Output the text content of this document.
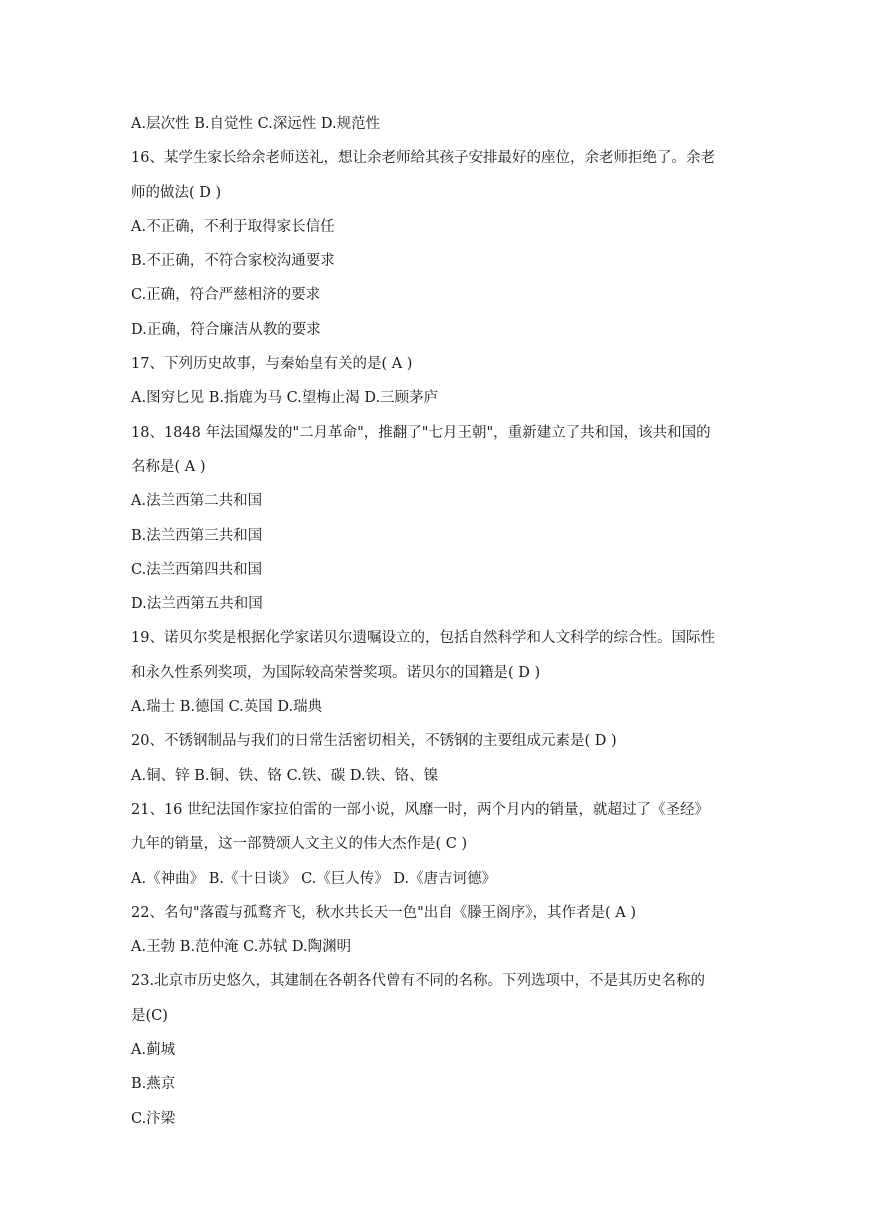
A.层次性 B.自觉性 C.深远性 D.规范性

16、某学生家长给余老师送礼，想让余老师给其孩子安排最好的座位，余老师拒绝了。余老

师的做法( D )

A.不正确，不利于取得家长信任

B.不正确，不符合家校沟通要求

C.正确，符合严慈相济的要求

D.正确，符合廉洁从教的要求

17、下列历史故事，与秦始皇有关的是( A )

A.图穷匕见 B.指鹿为马 C.望梅止渴 D.三顾茅庐

18、1848 年法国爆发的"二月革命"，推翻了"七月王朝"，重新建立了共和国，该共和国的

名称是( A )

A.法兰西第二共和国

B.法兰西第三共和国

C.法兰西第四共和国

D.法兰西第五共和国

19、诺贝尔奖是根据化学家诺贝尔遗嘱设立的，包括自然科学和人文科学的综合性。国际性

和永久性系列奖项，为国际较高荣誉奖项。诺贝尔的国籍是( D )

A.瑞士 B.德国 C.英国 D.瑞典

20、不锈钢制品与我们的日常生活密切相关，不锈钢的主要组成元素是( D )

A.铜、锌 B.铜、铁、铬 C.铁、碳 D.铁、铬、镍

21、16 世纪法国作家拉伯雷的一部小说，风靡一时，两个月内的销量，就超过了《圣经》

九年的销量，这一部赞颂人文主义的伟大杰作是( C )

A.《神曲》 B.《十日谈》 C.《巨人传》 D.《唐吉诃德》

22、名句"落霞与孤鹜齐飞，秋水共长天一色"出自《滕王阁序》，其作者是( A )

A.王勃 B.范仲淹 C.苏轼 D.陶渊明

23.北京市历史悠久，其建制在各朝各代曾有不同的名称。下列选项中，不是其历史名称的

是(C)

A.蓟城

B.燕京

C.汴梁
